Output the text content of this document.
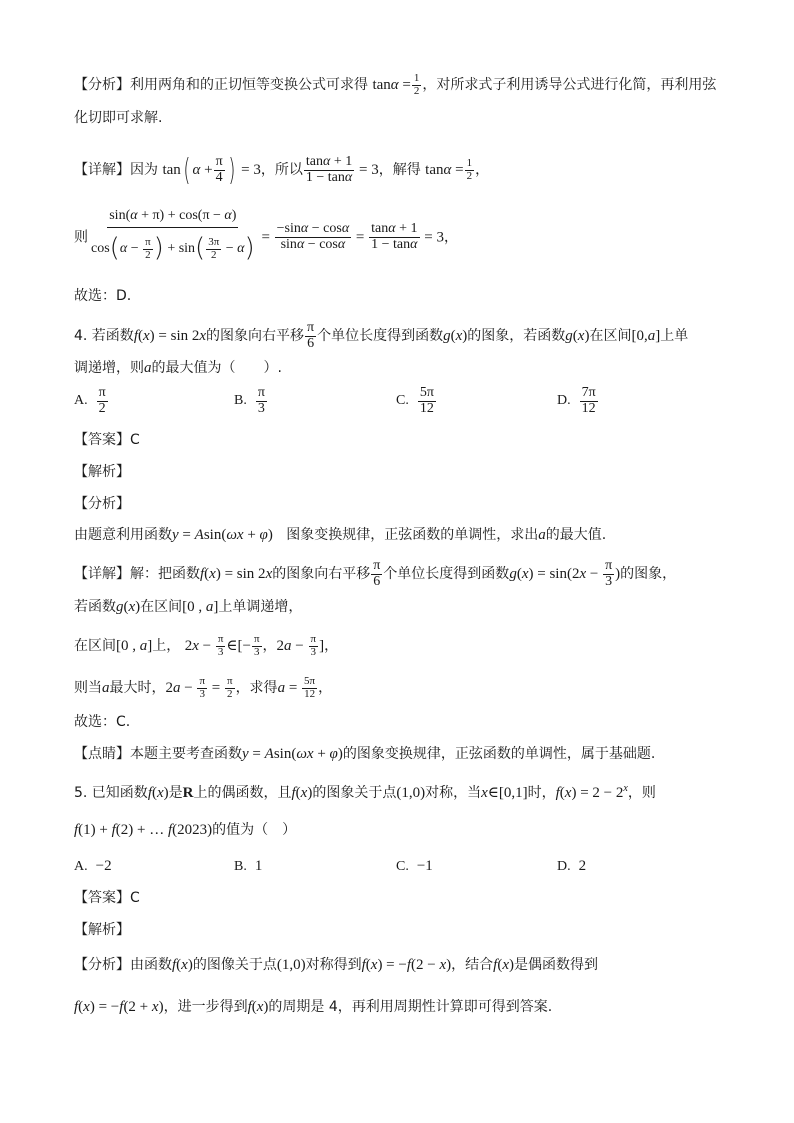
【分析】利用两角和的正切恒等变换公式可求得 $\tan\alpha = \frac{1}{2}$ ，对所求式子利用诱导公式进行化简，再利用弦
化切即可求解.
【详解】因为 tan( $\alpha + \frac{\pi}{4}$ ) = 3，所以 $\frac{\tan\alpha + 1}{1 - \tan\alpha} = 3$，解得 $\tan\alpha = \frac{1}{2}$ ，
则 $\frac{\sin(\alpha + \pi) + \cos(\pi - \alpha)}{\cos(\alpha - \frac{\pi}{2} ) + \sin( \frac{3\pi}{2} - \alpha)} = \frac{-\sin\alpha - \cos\alpha}{\sin\alpha - \cos\alpha} = \frac{\tan\alpha + 1}{1 - \tan\alpha} = 3$，
故选：D.
4. 若函数f(x) = sin 2x的图象向右平移 $\frac{\pi}{6}$ 个单位长度得到函数g(x)的图象，若函数g(x)在区间[0,a]上单
调递增，则a的最大值为（　　）.
A. $\frac{\pi}{2}$	B. $\frac{\pi}{3}$	C. $\frac{5\pi}{12}$	D. $\frac{7\pi}{12}$
【答案】C
【解析】
【分析】
由题意利用函数y = Asin(ωx + φ) 图象变换规律，正弦函数的单调性，求出a的最大值.
【详解】解：把函数f(x) = sin 2x的图象向右平移 $\frac{\pi}{6}$ 个单位长度得到函数$g(x) = \sin(2x - \frac{\pi}{3}$ )的图象，
若函数g(x)在区间[0 , a]上单调递增，
在区间[0 , a]上， $2x - \frac{\pi}{3}$ ∈[− $\frac{\pi}{3}$ ，$2a - \frac{\pi}{3}$ ]，
则当a最大时，$2a - \frac{\pi}{3} = \frac{\pi}{2}$ ，求得$a = \frac{5\pi}{12}$ ，
故选：C.
【点睛】本题主要考查函数y = Asin(ωx + φ)的图象变换规律，正弦函数的单调性，属于基础题.
5. 已知函数f(x)是R上的偶函数，且f(x)的图象关于点(1,0)对称，当x∈[0,1]时，$f(x) = 2 - 2^x$，则
f(1) + f(2) + … f(2023)的值为（　）
A. −2	B. 1	C. −1	D. 2
【答案】C
【解析】
【分析】由函数f(x)的图像关于点(1,0)对称得到f(x) = −f(2 − x)，结合f(x)是偶函数得到
f(x) = −f(2 + x)，进一步得到f(x)的周期是 4，再利用周期性计算即可得到答案.
